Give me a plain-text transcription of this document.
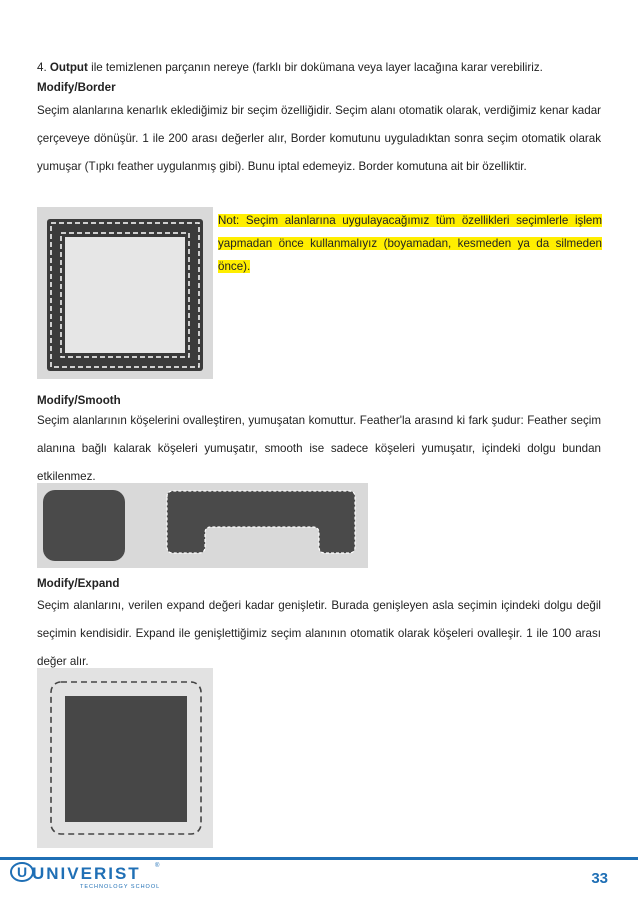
4. Output ile temizlenen parçanın nereye (farklı bir dokümana veya layer lacağına karar verebiliriz.
Modify/Border
Seçim alanlarına kenarlık eklediğimiz bir seçim özelliğidir. Seçim alanı otomatik olarak, verdiğimiz kenar kadar çerçeveye dönüşür. 1 ile 200 arası değerler alır, Border komutunu uyguladıktan sonra seçim otomatik olarak yumuşar (Tıpkı feather uygulanmış gibi). Bunu iptal edemeyiz. Border komutuna ait bir özelliktir.
Not: Seçim alanlarına uygulayacağımız tüm özellikleri seçimlerle işlem yapmadan önce kullanmalıyız (boyamadan, kesmeden ya da silmeden önce).
Modify/Smooth
Seçim alanlarının köşelerini ovalleştiren, yumuşatan komuttur. Feather'la arasınd ki fark şudur: Feather seçim alanına bağlı kalarak köşeleri yumuşatır, smooth ise sadece köşeleri yumuşatır, içindeki dolgu bundan etkilenmez.
Modify/Expand
Seçim alanlarını, verilen expand değeri kadar genişletir. Burada genişleyen asla seçimin içindeki dolgu değil seçimin kendisidir. Expand ile genişlettiğimiz seçim alanının otomatik olarak köşeleri ovalleşir. 1 ile 100 arası değer alır.
U UNIVERIST ®
TECHNOLOGY SCHOOL	33
